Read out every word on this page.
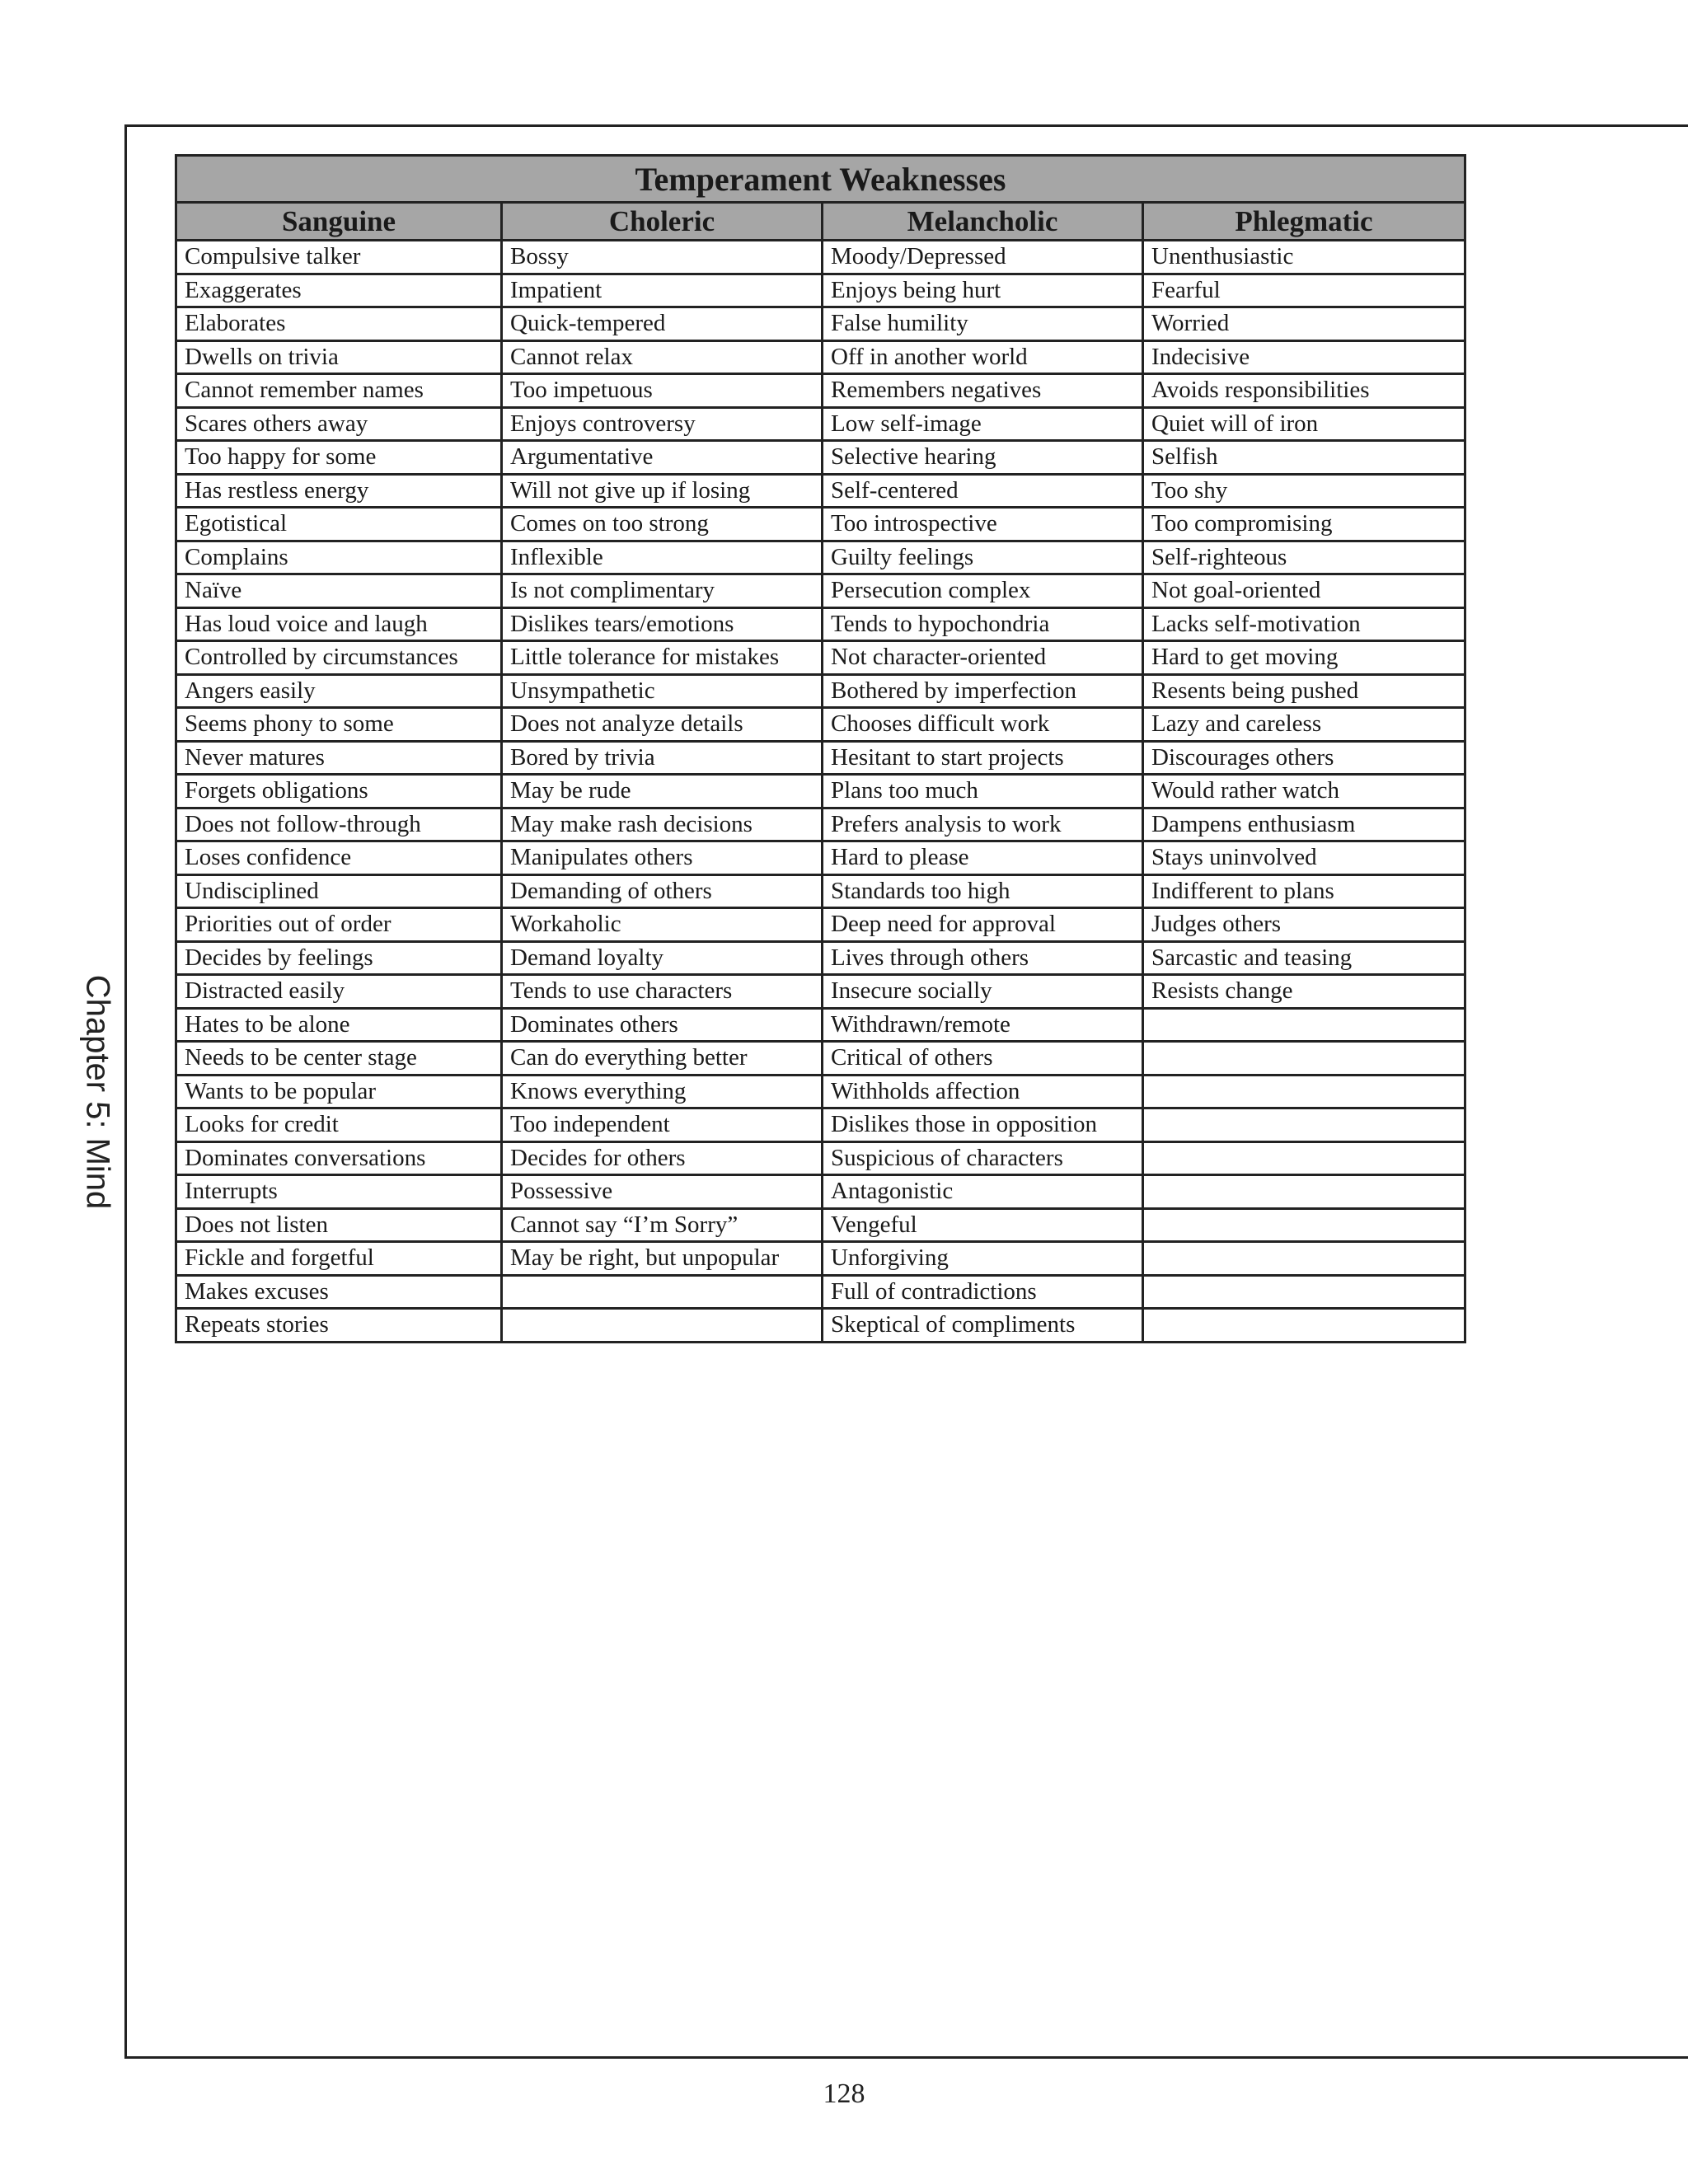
Chapter 5: Mind
Temperament Weaknesses			
Sanguine	Choleric	Melancholic	Phlegmatic
Compulsive talker	Bossy	Moody/Depressed	Unenthusiastic
Exaggerates	Impatient	Enjoys being hurt	Fearful
Elaborates	Quick-tempered	False humility	Worried
Dwells on trivia	Cannot relax	Off in another world	Indecisive
Cannot remember names	Too impetuous	Remembers negatives	Avoids responsibilities
Scares others away	Enjoys controversy	Low self-image	Quiet will of iron
Too happy for some	Argumentative	Selective hearing	Selfish
Has restless energy	Will not give up if losing	Self-centered	Too shy
Egotistical	Comes on too strong	Too introspective	Too compromising
Complains	Inflexible	Guilty feelings	Self-righteous
Naïve	Is not complimentary	Persecution complex	Not goal-oriented
Has loud voice and laugh	Dislikes tears/emotions	Tends to hypochondria	Lacks self-motivation
Controlled by circumstances	Little tolerance for mistakes	Not character-oriented	Hard to get moving
Angers easily	Unsympathetic	Bothered by imperfection	Resents being pushed
Seems phony to some	Does not analyze details	Chooses difficult work	Lazy and careless
Never matures	Bored by trivia	Hesitant to start projects	Discourages others
Forgets obligations	May be rude	Plans too much	Would rather watch
Does not follow-through	May make rash decisions	Prefers analysis to work	Dampens enthusiasm
Loses confidence	Manipulates others	Hard to please	Stays uninvolved
Undisciplined	Demanding of others	Standards too high	Indifferent to plans
Priorities out of order	Workaholic	Deep need for approval	Judges others
Decides by feelings	Demand loyalty	Lives through others	Sarcastic and teasing
Distracted easily	Tends to use characters	Insecure socially	Resists change
Hates to be alone	Dominates others	Withdrawn/remote	
Needs to be center stage	Can do everything better	Critical of others	
Wants to be popular	Knows everything	Withholds affection	
Looks for credit	Too independent	Dislikes those in opposition	
Dominates conversations	Decides for others	Suspicious of characters	
Interrupts	Possessive	Antagonistic	
Does not listen	Cannot say “I’m Sorry”	Vengeful	
Fickle and forgetful	May be right, but unpopular	Unforgiving	
Makes excuses		Full of contradictions	
Repeats stories		Skeptical of compliments	
128
